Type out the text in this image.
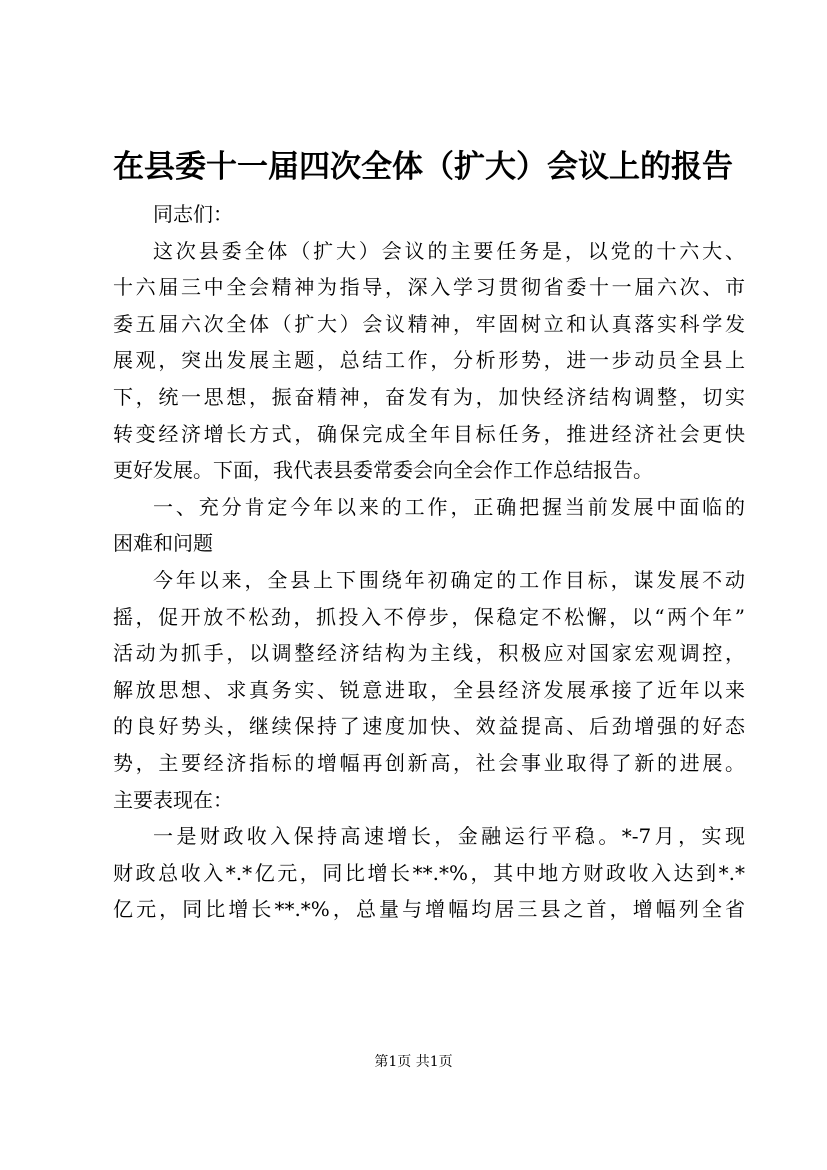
在县委十一届四次全体（扩大）会议上的报告
同志们：
这次县委全体（扩大）会议的主要任务是，以党的十六大、
十六届三中全会精神为指导，深入学习贯彻省委十一届六次、市
委五届六次全体（扩大）会议精神，牢固树立和认真落实科学发
展观，突出发展主题，总结工作，分析形势，进一步动员全县上
下，统一思想，振奋精神，奋发有为，加快经济结构调整，切实
转变经济增长方式，确保完成全年目标任务，推进经济社会更快
更好发展。下面，我代表县委常委会向全会作工作总结报告。
一、充分肯定今年以来的工作，正确把握当前发展中面临的
困难和问题
今年以来，全县上下围绕年初确定的工作目标，谋发展不动
摇，促开放不松劲，抓投入不停步，保稳定不松懈，以“两个年”
活动为抓手，以调整经济结构为主线，积极应对国家宏观调控，
解放思想、求真务实、锐意进取，全县经济发展承接了近年以来
的良好势头，继续保持了速度加快、效益提高、后劲增强的好态
势，主要经济指标的增幅再创新高，社会事业取得了新的进展。
主要表现在：
一是财政收入保持高速增长，金融运行平稳。*-7月，实现
财政总收入*.*亿元，同比增长**.*%，其中地方财政收入达到*.*
亿元，同比增长**.*%，总量与增幅均居三县之首，增幅列全省
第1页 共1页
